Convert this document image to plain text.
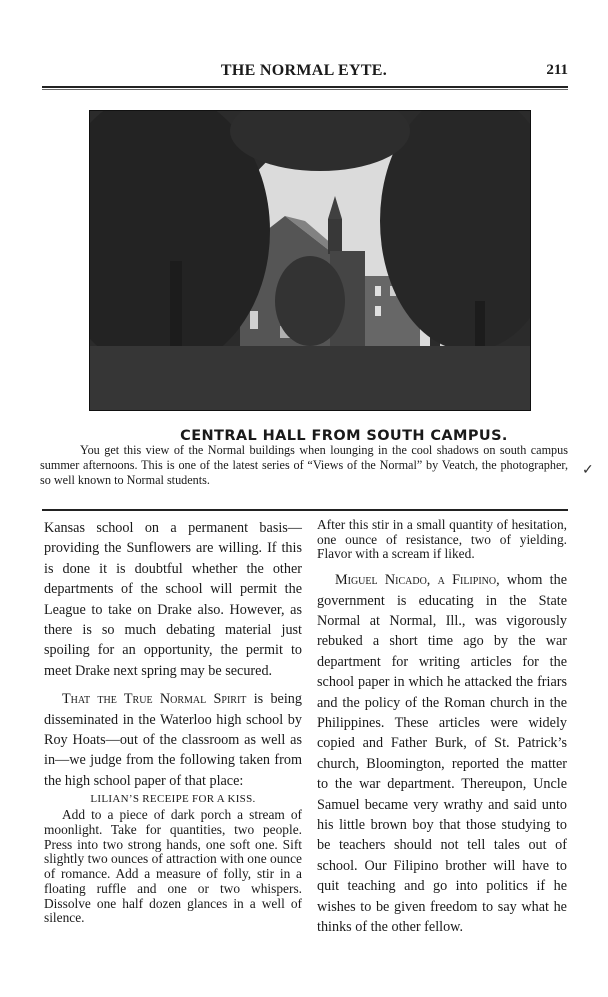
THE NORMAL EYTE.	211
CENTRAL HALL FROM SOUTH CAMPUS.
You get this view of the Normal buildings when lounging in the cool shadows on south campus summer afternoons. This is one of the latest series of “Views of the Normal” by Veatch, the photographer, so well known to Normal students.
✓

Kansas school on a permanent basis—providing the Sunflowers are willing. If this is done it is doubtful whether the other departments of the school will permit the League to take on Drake also. However, as there is so much debating material just spoiling for an opportunity, the permit to meet Drake next spring may be secured.

That the True Normal Spirit is being disseminated in the Waterloo high school by Roy Hoats—out of the classroom as well as in—we judge from the following taken from the high school paper of that place:

LILIAN’S RECEIPE FOR A KISS.

Add to a piece of dark porch a stream of moonlight. Take for quantities, two people. Press into two strong hands, one soft one. Sift slightly two ounces of attraction with one ounce of romance. Add a measure of folly, stir in a floating ruffle and one or two whispers. Dissolve one half dozen glances in a well of silence.

After this stir in a small quantity of hesitation, one ounce of resistance, two of yielding. Flavor with a scream if liked.

Miguel Nicado, a Filipino, whom the government is educating in the State Normal at Normal, Ill., was vigorously rebuked a short time ago by the war department for writing articles for the school paper in which he attacked the friars and the policy of the Roman church in the Philippines. These articles were widely copied and Father Burk, of St. Patrick’s church, Bloomington, reported the matter to the war department. Thereupon, Uncle Samuel became very wrathy and said unto his little brown boy that those studying to be teachers should not tell tales out of school. Our Filipino brother will have to quit teaching and go into politics if he wishes to be given freedom to say what he thinks of the other fellow.
